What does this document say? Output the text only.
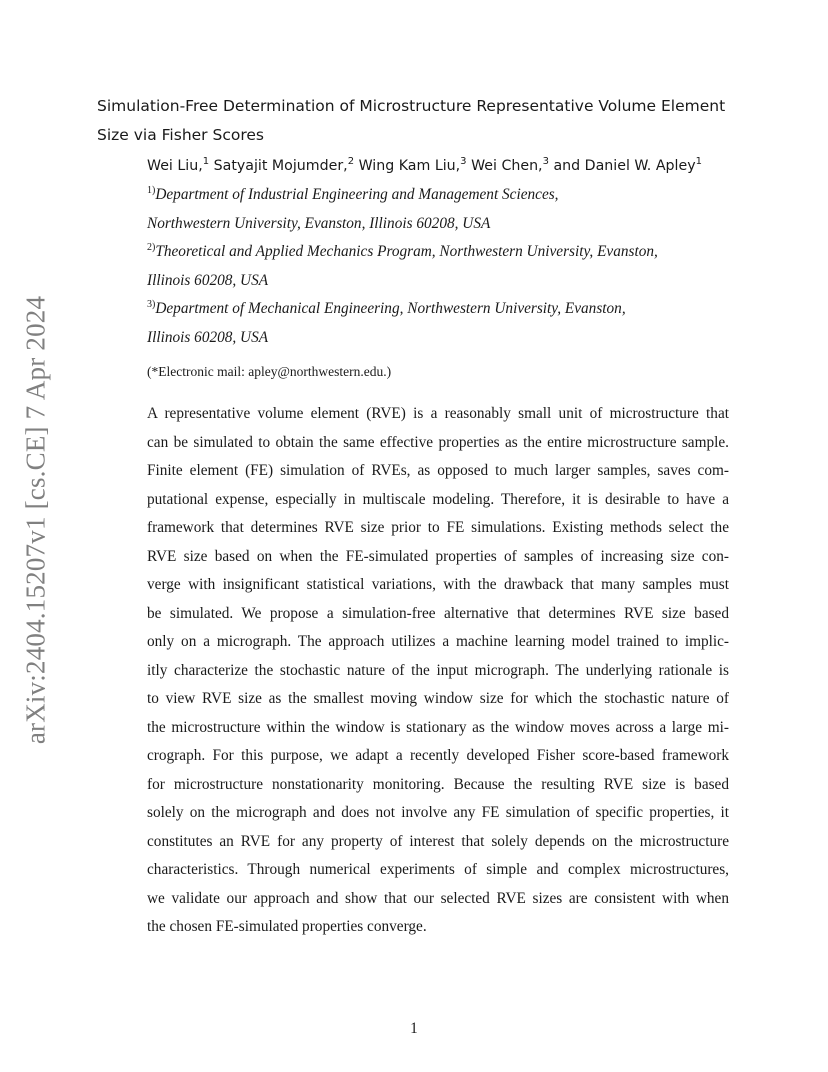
arXiv:2404.15207v1 [cs.CE] 7 Apr 2024
Simulation-Free Determination of Microstructure Representative Volume Element
Size via Fisher Scores
Wei Liu,$^1$ Satyajit Mojumder,$^2$ Wing Kam Liu,$^3$ Wei Chen,$^3$ and Daniel W. Apley$^1$
$^{1)}$Department of Industrial Engineering and Management Sciences,
Northwestern University, Evanston, Illinois 60208, USA
$^{2)}$Theoretical and Applied Mechanics Program, Northwestern University, Evanston,
Illinois 60208, USA
$^{3)}$Department of Mechanical Engineering, Northwestern University, Evanston,
Illinois 60208, USA
(*Electronic mail: apley@northwestern.edu.)
A representative volume element (RVE) is a reasonably small unit of microstructure that
can be simulated to obtain the same effective properties as the entire microstructure sample.
Finite element (FE) simulation of RVEs, as opposed to much larger samples, saves com-
putational expense, especially in multiscale modeling. Therefore, it is desirable to have a
framework that determines RVE size prior to FE simulations. Existing methods select the
RVE size based on when the FE-simulated properties of samples of increasing size con-
verge with insignificant statistical variations, with the drawback that many samples must
be simulated. We propose a simulation-free alternative that determines RVE size based
only on a micrograph. The approach utilizes a machine learning model trained to implic-
itly characterize the stochastic nature of the input micrograph. The underlying rationale is
to view RVE size as the smallest moving window size for which the stochastic nature of
the microstructure within the window is stationary as the window moves across a large mi-
crograph. For this purpose, we adapt a recently developed Fisher score-based framework
for microstructure nonstationarity monitoring. Because the resulting RVE size is based
solely on the micrograph and does not involve any FE simulation of specific properties, it
constitutes an RVE for any property of interest that solely depends on the microstructure
characteristics. Through numerical experiments of simple and complex microstructures,
we validate our approach and show that our selected RVE sizes are consistent with when
the chosen FE-simulated properties converge.
1
